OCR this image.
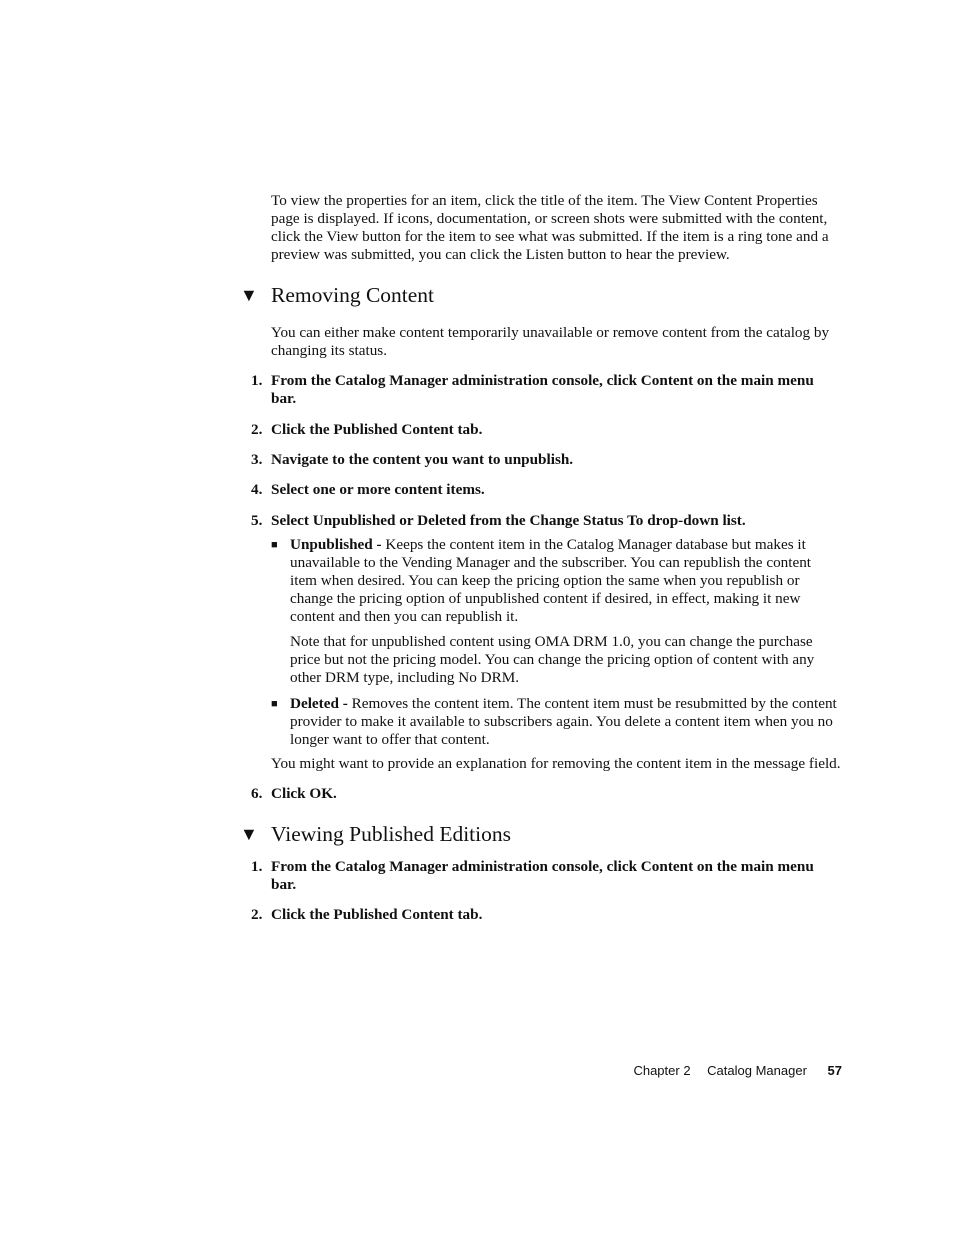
To view the properties for an item, click the title of the item. The View Content Properties page is displayed. If icons, documentation, or screen shots were submitted with the content, click the View button for the item to see what was submitted. If the item is a ring tone and a preview was submitted, you can click the Listen button to hear the preview.

▼ Removing Content

You can either make content temporarily unavailable or remove content from the catalog by changing its status.

1. From the Catalog Manager administration console, click Content on the main menu bar.
2. Click the Published Content tab.
3. Navigate to the content you want to unpublish.
4. Select one or more content items.
5. Select Unpublished or Deleted from the Change Status To drop-down list.
■ Unpublished - Keeps the content item in the Catalog Manager database but makes it unavailable to the Vending Manager and the subscriber. You can republish the content item when desired. You can keep the pricing option the same when you republish or change the pricing option of unpublished content if desired, in effect, making it new content and then you can republish it.

Note that for unpublished content using OMA DRM 1.0, you can change the purchase price but not the pricing model. You can change the pricing option of content with any other DRM type, including No DRM.

■ Deleted - Removes the content item. The content item must be resubmitted by the content provider to make it available to subscribers again. You delete a content item when you no longer want to offer that content.

You might want to provide an explanation for removing the content item in the message field.

6. Click OK.
▼ Viewing Published Editions
1. From the Catalog Manager administration console, click Content on the main menu bar.
2. Click the Published Content tab.
Chapter 2 Catalog Manager 57
